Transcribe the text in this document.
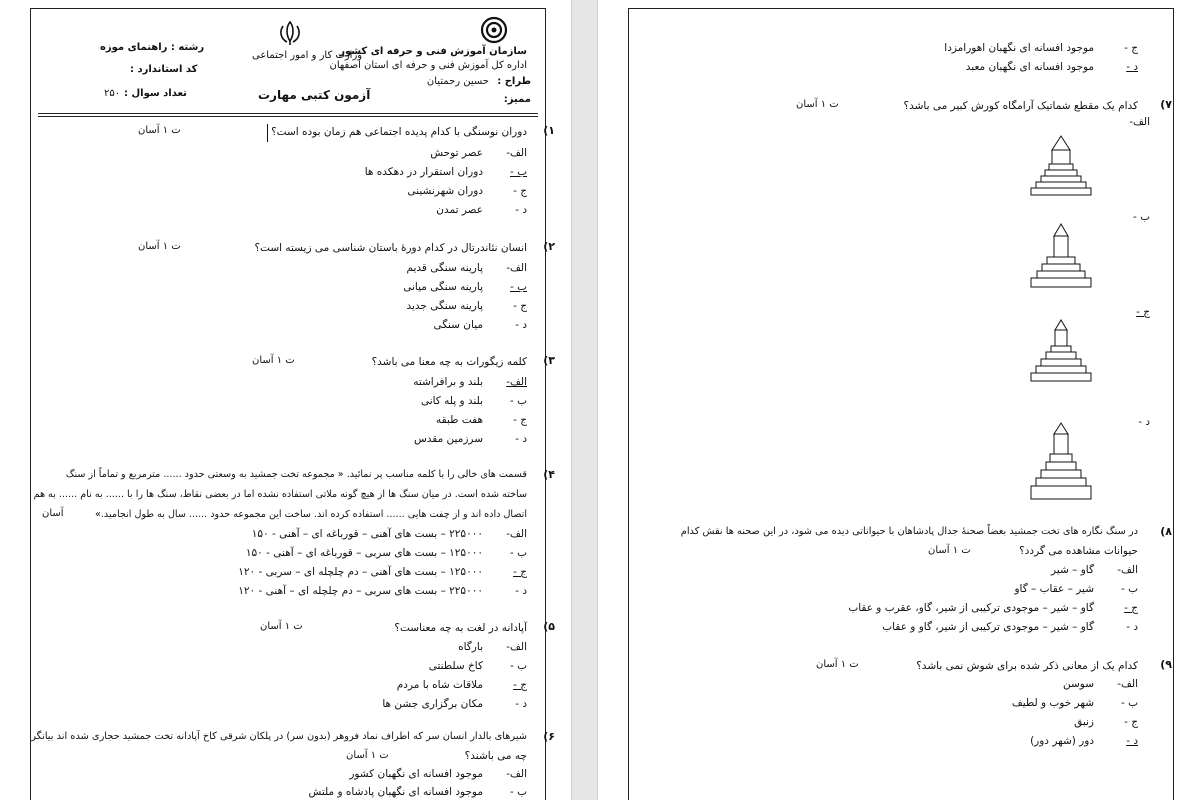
سازمان آموزش فنی و حرفه ای کشور
اداره کل آموزش فنی و حرفه ای استان اصفهان
طراح :
حسین رحمتیان
ممیز:
وزارت کار و امور اجتماعی
آزمون کتبی مهارت
رشته : راهنمای موزه
کد استاندارد :
تعداد سوال :
۲۵۰
۱)
دوران نوسنگی با کدام پدیده اجتماعی هم زمان بوده است؟
ت ۱ آسان
الف-
عصر توحش
ب -
دوران استقرار در دهکده ها
ج -
دوران شهرنشینی
د -
عصر تمدن
۲)
انسان نئاندرتال در کدام دورۀ باستان شناسی می زیسته است؟
ت ۱ آسان
الف-
پارینه سنگی قدیم
ب -
پارینه سنگی میانی
ج -
پارینه سنگی جدید
د -
میان سنگی
۳)
کلمه زیگورات به چه معنا می باشد؟
ت ۱ آسان
الف-
بلند و برافراشته
ب -
بلند و پله کانی
ج -
هفت طبقه
د -
سرزمین مقدس
۴)
قسمت های خالی را با کلمه مناسب پر نمائید. « مجموعه تخت جمشید به وسعتی حدود ...... مترمربع و تماماً از سنگ
ساخته شده است. در میان سنگ ها از هیچ گونه ملاتی استفاده نشده اما در بعضی نقاط، سنگ ها را با ...... به نام ...... به هم
اتصال داده اند و از چفت هایی ...... استفاده کرده اند. ساخت این مجموعه حدود ...... سال به طول انجامید.»
آسان
الف-
۲۲۵۰۰۰ – بست های آهنی – قورباغه ای – آهنی - ۱۵۰
ب -
۱۲۵۰۰۰ – بست های سربی – قورباغه ای – آهنی - ۱۵۰
ج -
۱۲۵۰۰۰ – بست های آهنی – دم چلچله ای – سربی - ۱۲۰
د -
۲۲۵۰۰۰ – بست های سربی – دم چلچله ای – آهنی - ۱۲۰
۵)
آپادانه در لغت به چه معناست؟
ت ۱ آسان
الف-
بارگاه
ب -
کاخ سلطنتی
ج -
ملاقات شاه با مردم
د -
مکان برگزاری جشن ها
۶)
شیرهای بالدار انسان سر که اطراف نماد فروهر (بدون سر) در پلکان شرقی کاخ آپادانه تخت جمشید حجاری شده اند بیانگر
چه می باشند؟
ت ۱ آسان
الف-
موجود افسانه ای نگهبان کشور
ب -
موجود افسانه ای نگهبان پادشاه و ملتش
ج -
موجود افسانه ای نگهبان اهورامزدا
د -
موجود افسانه ای نگهبان معبد
۷)
کدام یک مقطع شماتیک آرامگاه کورش کبیر می باشد؟
ت ۱ آسان
الف-
ب -
ج -
د -
۸)
در سنگ نگاره های تخت جمشید بعضاً صحنۀ جدال پادشاهان با حیواناتی دیده می شود، در این صحنه ها نقش کدام
حیوانات مشاهده می گردد؟
ت ۱ آسان
الف-
گاو – شیر
ب -
شیر – عقاب – گاو
ج -
گاو – شیر – موجودی ترکیبی از شیر، گاو، عقرب و عقاب
د -
گاو – شیر – موجودی ترکیبی از شیر، گاو و عقاب
۹)
کدام یک از معانی ذکر شده برای شوش نمی باشد؟
ت ۱ آسان
الف-
سوسن
ب -
شهر خوب و لطیف
ج -
زنبق
د -
دور (شهر دور)
